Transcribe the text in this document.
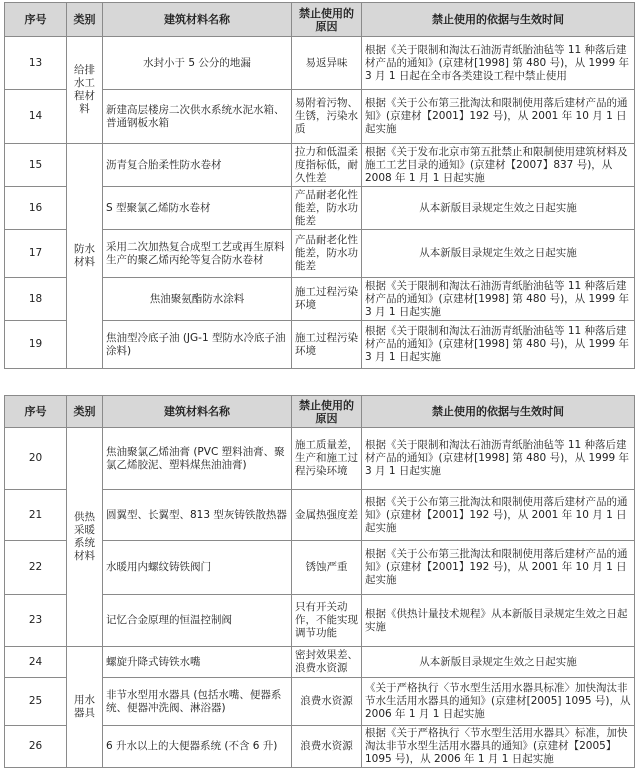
序号	类别	建筑材料名称	禁止使用的原因	禁止使用的依据与生效时间
13	给排水工程材料	水封小于 5 公分的地漏	易返异味	根据《关于限制和淘汰石油沥青纸胎油毡等 11 种落后建材产品的通知》(京建材[1998] 第 480 号)，从 1999 年 3 月 1 日起在全市各类建设工程中禁止使用
14		新建高层楼房二次供水系统水泥水箱、普通钢板水箱	易附着污物、生锈，污染水质	根据《关于公布第三批淘汰和限制使用落后建材产品的通知》(京建材【2001】192 号)，从 2001 年 10 月 1 日 起实施
15	防水材料	沥青复合胎柔性防水卷材	拉力和低温柔度指标低，耐久性差	根据《关于发布北京市第五批禁止和限制使用建筑材料及施工工艺目录的通知》(京建材【2007】837 号)，从 2008 年 1 月 1 日起实施
16		S 型聚氯乙烯防水卷材	产品耐老化性能差，防水功能差	从本新版目录规定生效之日起实施
17		采用二次加热复合成型工艺或再生原料生产的聚乙烯丙纶等复合防水卷材	产品耐老化性能差，防水功能差	从本新版目录规定生效之日起实施
18		焦油聚氨酯防水涂料	施工过程污染环境	根据《关于限制和淘汰石油沥青纸胎油毡等 11 种落后建材产品的通知》(京建材[1998] 第 480 号)，从 1999 年 3 月 1 日起实施
19		焦油型冷底子油 (JG-1 型防水冷底子油涂料)	施工过程污染环境	根据《关于限制和淘汰石油沥青纸胎油毡等 11 种落后建材产品的通知》(京建材[1998] 第 480 号)，从 1999 年 3 月 1 日起实施
序号	类别	建筑材料名称	禁止使用的原因	禁止使用的依据与生效时间
20	供热采暖系统材料	焦油聚氯乙烯油膏 (PVC 塑料油膏、聚氯乙烯胶泥、塑料煤焦油油膏)	施工质量差，生产和施工过程污染环境	根据《关于限制和淘汰石油沥青纸胎油毡等 11 种落后建材产品的通知》(京建材[1998] 第 480 号)，从 1999 年 3 月 1 日起实施
21		圆翼型、长翼型、813 型灰铸铁散热器	金属热强度差	根据《关于公布第三批淘汰和限制使用落后建材产品的通知》(京建材【2001】192 号)，从 2001 年 10 月 1 日 起实施
22		水暖用内螺纹铸铁阀门	锈蚀严重	根据《关于公布第三批淘汰和限制使用落后建材产品的通知》(京建材【2001】192 号)，从 2001 年 10 月 1 日 起实施
23		记忆合金原理的恒温控制阀	只有开关动作，不能实现调节功能	根据《供热计量技术规程》从本新版目录规定生效之日起实施
24	用水器具	螺旋升降式铸铁水嘴	密封效果差、浪费水资源	从本新版目录规定生效之日起实施
25		非节水型用水器具 (包括水嘴、便器系统、便器冲洗阀、淋浴器)	浪费水资源	《关于严格执行〈节水型生活用水器具标准〉加快淘汰非节水生活用水器具的通知》(京建材[2005] 1095 号)，从 2006 年 1 月 1 日起实施
26		6 升水以上的大便器系统 (不含 6 升)	浪费水资源	根据《关于严格执行〈节水型生活用水器具〉标准，加快淘汰非节水型生活用水器具的通知》(京建材【2005】1095 号)，从 2006 年 1 月 1 日起实施
